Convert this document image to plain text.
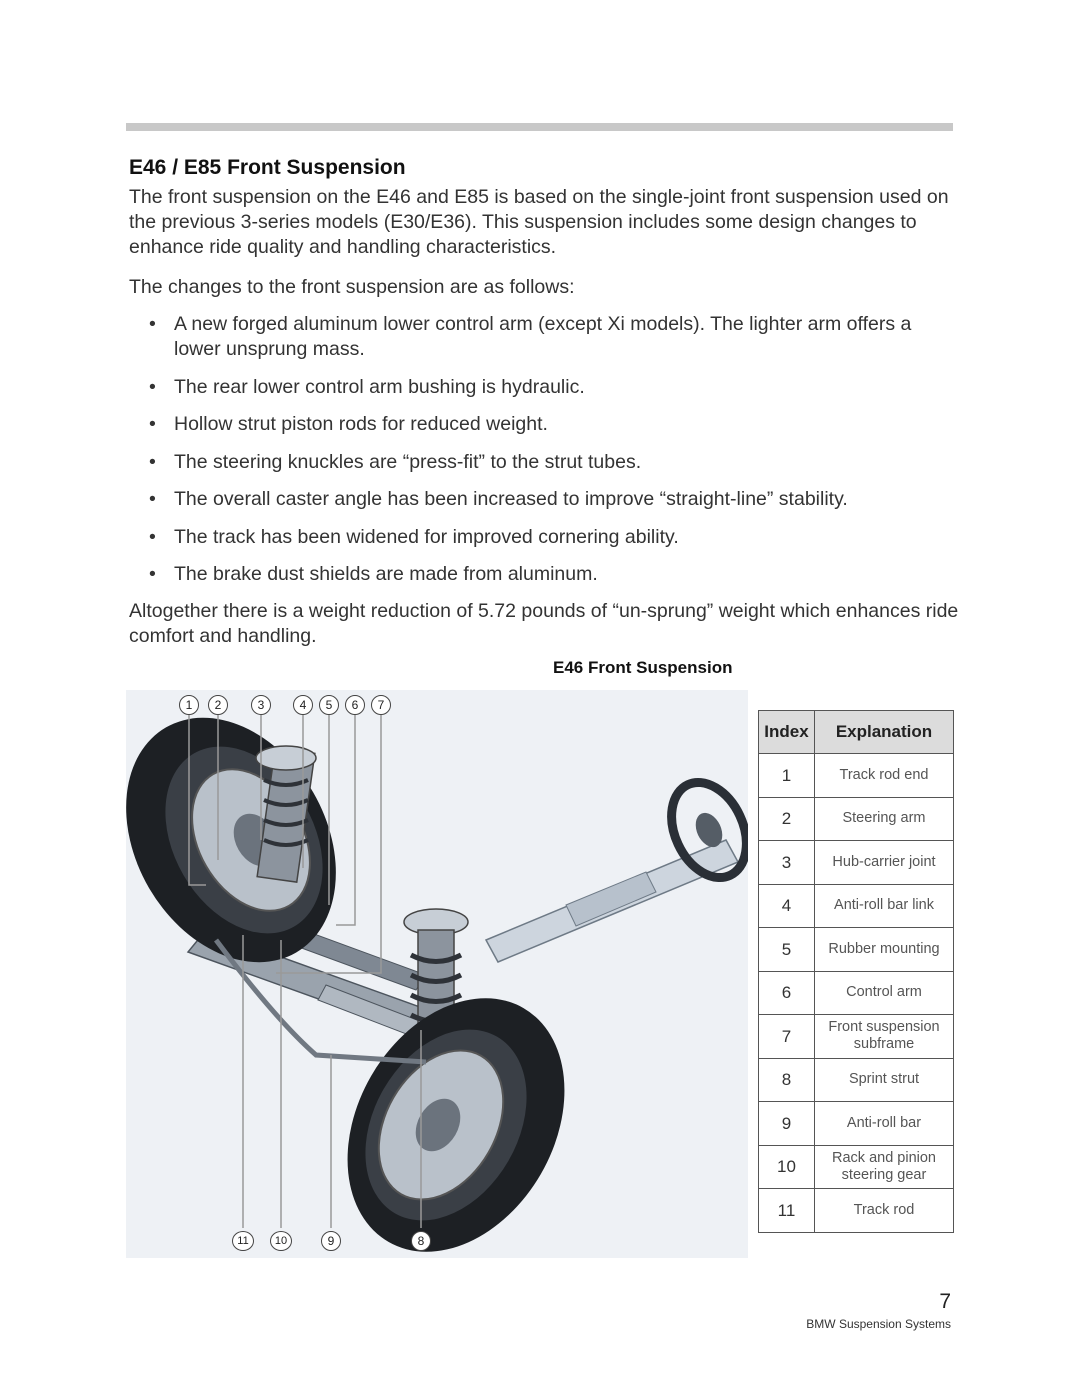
E46 / E85 Front Suspension

The front suspension on the E46 and E85 is based on the single-joint front suspension used on the previous 3-series models (E30/E36). This suspension includes some design changes to enhance ride quality and handling characteristics.

The changes to the front suspension are as follows:

• A new forged aluminum lower control arm (except Xi models). The lighter arm offers a lower unsprung mass.
• The rear lower control arm bushing is hydraulic.
• Hollow strut piston rods for reduced weight.
• The steering knuckles are “press-fit” to the strut tubes.
• The overall caster angle has been increased to improve “straight-line” stability.
• The track has been widened for improved cornering ability.
• The brake dust shields are made from aluminum.

Altogether there is a weight reduction of 5.72 pounds of “un-sprung” weight which enhances ride comfort and handling.

E46 Front Suspension
1	2	3	4	5	6	7
11	10	9	8
Index	Explanation
1	Track rod end
2	Steering arm
3	Hub-carrier joint
4	Anti-roll bar link
5	Rubber mounting
6	Control arm
7	Front suspension subframe
8	Sprint strut
9	Anti-roll bar
10	Rack and pinion steering gear
11	Track rod
7
BMW Suspension Systems
